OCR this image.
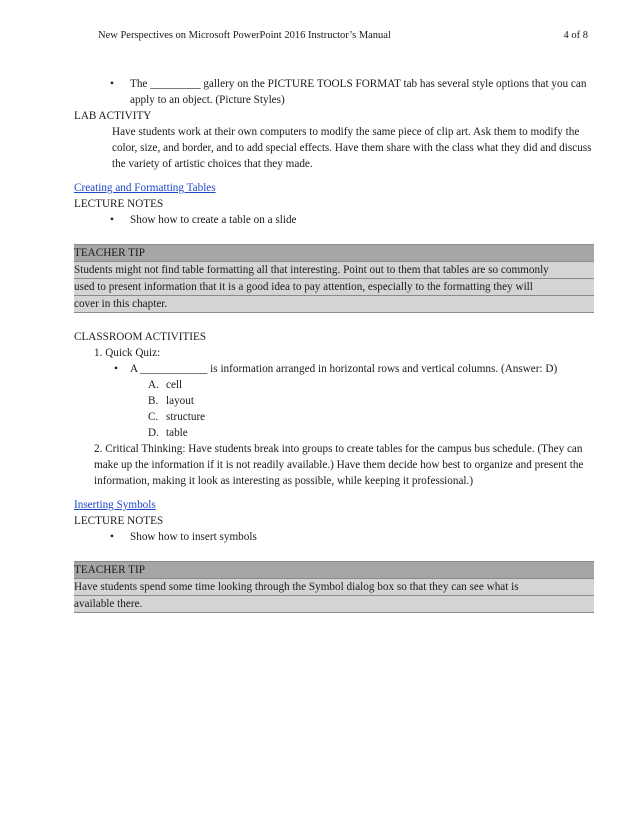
New Perspectives on Microsoft PowerPoint 2016 Instructor’s Manual	4 of 8
• The _________ gallery on the PICTURE TOOLS FORMAT tab has several style options that you can apply to an object. (Picture Styles)
LAB ACTIVITY
Have students work at their own computers to modify the same piece of clip art. Ask them to modify the color, size, and border, and to add special effects. Have them share with the class what they did and discuss the variety of artistic choices that they made.
Creating and Formatting Tables
LECTURE NOTES
• Show how to create a table on a slide
TEACHER TIP
Students might not find table formatting all that interesting. Point out to them that tables are so commonly
used to present information that it is a good idea to pay attention, especially to the formatting they will
cover in this chapter.
CLASSROOM ACTIVITIES
1. Quick Quiz:
• A ____________ is information arranged in horizontal rows and vertical columns. (Answer: D)
A. cell
B. layout
C. structure
D. table
2. Critical Thinking: Have students break into groups to create tables for the campus bus schedule. (They can make up the information if it is not readily available.) Have them decide how best to organize and present the information, making it look as interesting as possible, while keeping it professional.)
Inserting Symbols
LECTURE NOTES
• Show how to insert symbols
TEACHER TIP
Have students spend some time looking through the Symbol dialog box so that they can see what is
available there.
